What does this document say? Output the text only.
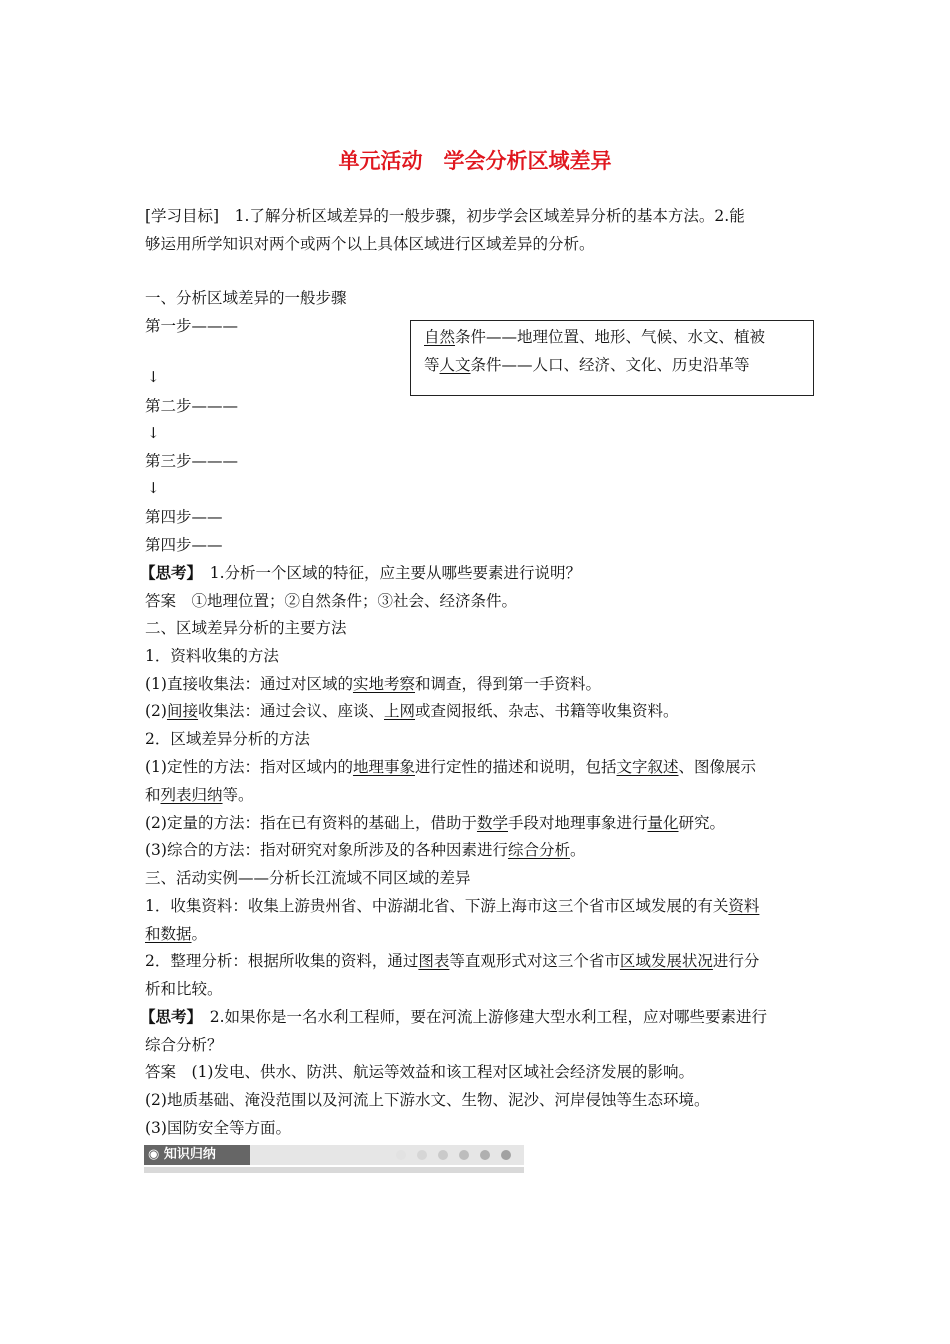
单元活动　学会分析区域差异
[学习目标]　1.了解分析区域差异的一般步骤，初步学会区域差异分析的基本方法。2.能
够运用所学知识对两个或两个以上具体区域进行区域差异的分析。
一、分析区域差异的一般步骤
第一步———
↓
第二步———
↓
第三步———
↓
第四步——
第四步——
自然条件——地理位置、地形、气候、水文、植被
等人文条件——人口、经济、文化、历史沿革等
【思考】　1.分析一个区域的特征，应主要从哪些要素进行说明？
答案　①地理位置；②自然条件；③社会、经济条件。
二、区域差异分析的主要方法
1．资料收集的方法
(1)直接收集法：通过对区域的实地考察和调查，得到第一手资料。
(2)间接收集法：通过会议、座谈、上网或查阅报纸、杂志、书籍等收集资料。
2．区域差异分析的方法
(1)定性的方法：指对区域内的地理事象进行定性的描述和说明，包括文字叙述、图像展示
和列表归纳等。
(2)定量的方法：指在已有资料的基础上，借助于数学手段对地理事象进行量化研究。
(3)综合的方法：指对研究对象所涉及的各种因素进行综合分析。
三、活动实例——分析长江流域不同区域的差异
1．收集资料：收集上游贵州省、中游湖北省、下游上海市这三个省市区域发展的有关资料
和数据。
2．整理分析：根据所收集的资料，通过图表等直观形式对这三个省市区域发展状况进行分
析和比较。
【思考】　2.如果你是一名水利工程师，要在河流上游修建大型水利工程，应对哪些要素进行
综合分析？
答案　(1)发电、供水、防洪、航运等效益和该工程对区域社会经济发展的影响。
(2)地质基础、淹没范围以及河流上下游水文、生物、泥沙、河岸侵蚀等生态环境。
(3)国防安全等方面。
◉ 知识归纳
